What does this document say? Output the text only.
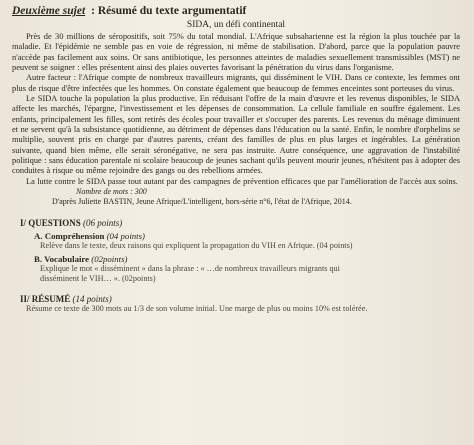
Deuxième sujet : Résumé du texte argumentatif
SIDA, un défi continental

Près de 30 millions de séropositifs, soit 75% du total mondial. L'Afrique subsaharienne est la région la plus touchée par la maladie. Et l'épidémie ne semble pas en voie de régression, ni même de stabilisation. D'abord, parce que la population pauvre n'accède pas facilement aux soins. Or sans antibiotique, les personnes atteintes de maladies sexuellement transmissibles (MST) ne peuvent se soigner : elles présentent ainsi des plaies ouvertes favorisant la pénétration du virus dans l'organisme.

Autre facteur : l'Afrique compte de nombreux travailleurs migrants, qui disséminent le VIH. Dans ce contexte, les femmes ont plus de risque d'être infectées que les hommes. On constate également que beaucoup de femmes enceintes sont porteuses du virus.

Le SIDA touche la population la plus productive. En réduisant l'offre de la main d'œuvre et les revenus disponibles, le SIDA affecte les marchés, l'épargne, l'investissement et les dépenses de consommation. La cellule familiale en souffre également. Les enfants, principalement les filles, sont retirés des écoles pour travailler et s'occuper des parents. Les revenus du ménage diminuent et ne servent qu'à la subsistance quotidienne, au détriment de dépenses dans l'éducation ou la santé. Enfin, le nombre d'orphelins se multiplie, souvent pris en charge par d'autres parents, créant des familles de plus en plus larges et ingérables. La génération suivante, quand bien même, elle serait séronégative, ne sera pas instruite. Autre conséquence, une aggravation de l'instabilité politique : sans éducation parentale ni scolaire beaucoup de jeunes sachant qu'ils peuvent mourir jeunes, n'hésitent pas à adopter des conduites à risque ou même rejoindre des gangs ou des rebellions armées.

La lutte contre le SIDA passe tout autant par des campagnes de prévention efficaces que par l'amélioration de l'accès aux soins.

Nombre de mots : 300
D'après Juliette BASTIN, Jeune Afrique/L'intelligent, hors-série n°6, l'état de l'Afrique, 2014.
I/ QUESTIONS (06 points)
A. Compréhension (04 points)
Relève dans le texte, deux raisons qui expliquent la propagation du VIH en Afrique. (04 points)
B. Vocabulaire (02points)
Explique le mot « disséminent » dans la phrase : « …de nombreux travailleurs migrants qui
disséminent le VIH… ». (02points)
II/ RÉSUMÉ (14 points)
Résume ce texte de 300 mots au 1/3 de son volume initial. Une marge de plus ou moins 10% est tolérée.
